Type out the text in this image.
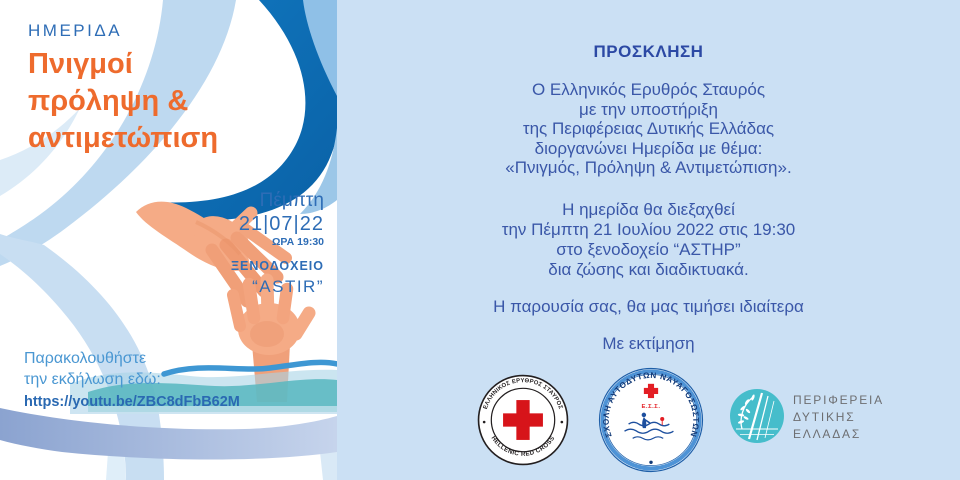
ΗΜΕΡΙΔΑ
Πνιγμοί
πρόληψη &
αντιμετώπιση
Πέμπτη
21|07|22
ΩΡΑ 19:30
ΞΕΝΟΔΟΧΕΙΟ
“ASTIR”
Παρακολουθήστε
την εκδήλωση εδώ:
https://youtu.be/ZBC8dFbB62M
ΠΡΟΣΚΛΗΣΗ
Ο Ελληνικός Ερυθρός Σταυρός
με την υποστήριξη
της Περιφέρειας Δυτικής Ελλάδας
διοργανώνει Ημερίδα με θέμα:
«Πνιγμός, Πρόληψη & Αντιμετώπιση».
Η ημερίδα θα διεξαχθεί
την Πέμπτη 21 Ιουλίου 2022 στις 19:30
στο ξενοδοχείο “ΑΣΤΗΡ”
δια ζώσης και διαδικτυακά.
Η παρουσία σας, θα μας τιμήσει ιδιαίτερα
Με εκτίμηση
ΕΛΛΗΝΙΚΟΣ ΕΡΥΘΡΟΣ ΣΤΑΥΡΟΣ
HELLENIC RED CROSS
ΣΧΟΛΗ ΑΥΤΟΔΥΤΩΝ ΝΑΥΑΓΟΣΩΣΤΩΝ
Ε.Σ.Σ.	ΠΕΡΙΦΕΡΕΙΑ
ΔΥΤΙΚΗΣ
ΕΛΛΑΔΑΣ
